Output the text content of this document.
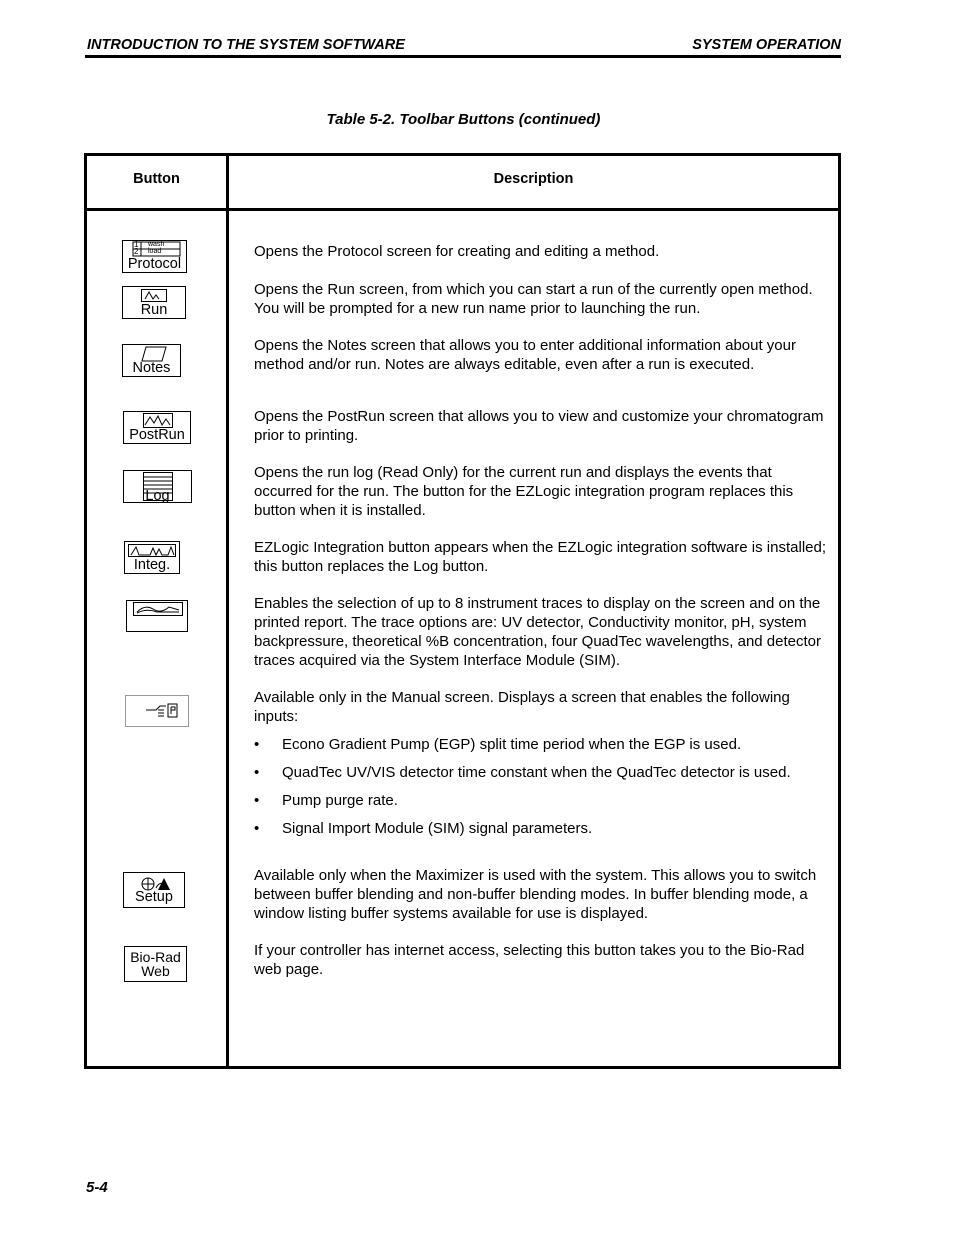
INTRODUCTION TO THE SYSTEM SOFTWARE	SYSTEM OPERATION
Table 5-2. Toolbar Buttons (continued)
Button	Description
1 wash
2 load
Protocol
Run
Notes
PostRun
Log
Integ.
Setup
Bio-Rad
Web
Opens the Protocol screen for creating and editing a method.
Opens the Run screen, from which you can start a run of the currently open method. You will be prompted for a new run name prior to launching the run.
Opens the Notes screen that allows you to enter additional information about your method and/or run. Notes are always editable, even after a run is executed.
Opens the PostRun screen that allows you to view and customize your chromatogram prior to printing.
Opens the run log (Read Only) for the current run and displays the events that occurred for the run. The button for the EZLogic integration program replaces this button when it is installed.
EZLogic Integration button appears when the EZLogic integration software is installed; this button replaces the Log button.
Enables the selection of up to 8 instrument traces to display on the screen and on the printed report. The trace options are: UV detector, Conductivity monitor, pH, system backpressure, theoretical %B concentration, four QuadTec wavelengths, and detector traces acquired via the System Interface Module (SIM).
Available only in the Manual screen. Displays a screen that enables the following inputs:
• Econo Gradient Pump (EGP) split time period when the EGP is used.
• QuadTec UV/VIS detector time constant when the QuadTec detector is used.
• Pump purge rate.
• Signal Import Module (SIM) signal parameters.
Available only when the Maximizer is used with the system. This allows you to switch between buffer blending and non-buffer blending modes. In buffer blending mode, a window listing buffer systems available for use is displayed.
If your controller has internet access, selecting this button takes you to the Bio-Rad web page.
5-4
